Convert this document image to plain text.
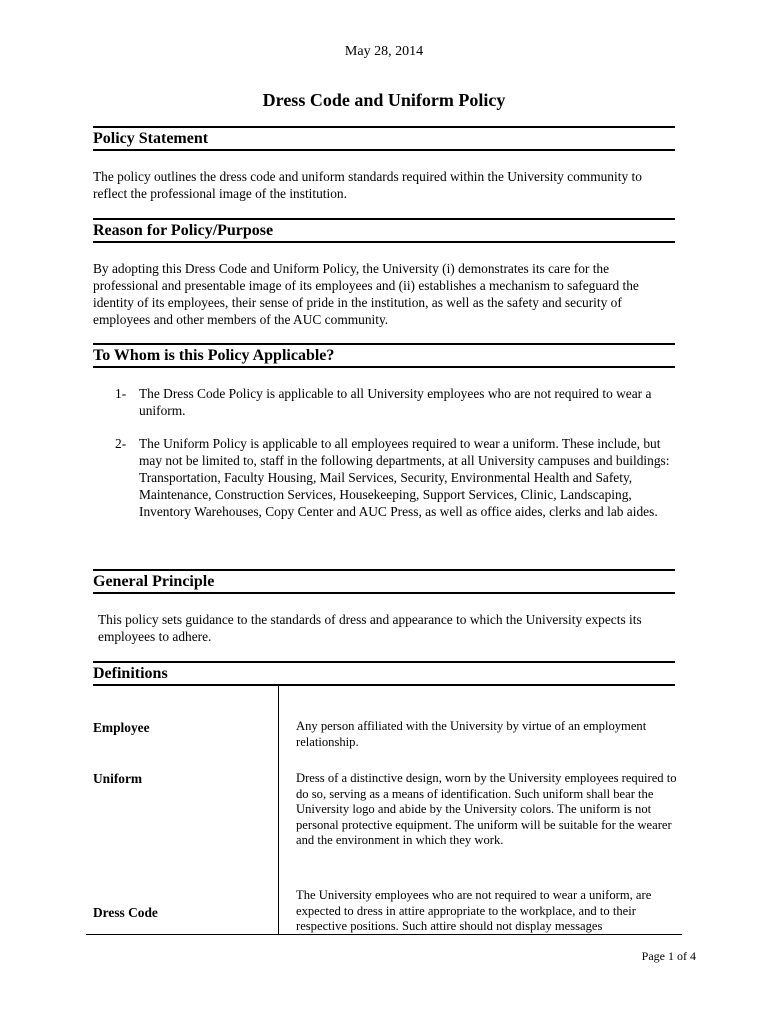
May 28, 2014
Dress Code and Uniform Policy
Policy Statement
The policy outlines the dress code and uniform standards required within the University community to reflect the professional image of the institution.
Reason for Policy/Purpose
By adopting this Dress Code and Uniform Policy, the University (i) demonstrates its care for the professional and presentable image of its employees and (ii) establishes a mechanism to safeguard the identity of its employees, their sense of pride in the institution, as well as the safety and security of employees and other members of the AUC community.
To Whom is this Policy Applicable?
1- The Dress Code Policy is applicable to all University employees who are not required to wear a uniform.
2- The Uniform Policy is applicable to all employees required to wear a uniform. These include, but may not be limited to, staff in the following departments, at all University campuses and buildings:
Transportation, Faculty Housing, Mail Services, Security, Environmental Health and Safety, Maintenance, Construction Services, Housekeeping, Support Services, Clinic, Landscaping, Inventory Warehouses, Copy Center and AUC Press, as well as office aides, clerks and lab aides.
General Principle
This policy sets guidance to the standards of dress and appearance to which the University expects its employees to adhere.
Definitions
Employee	Any person affiliated with the University by virtue of an employment relationship.
Uniform	Dress of a distinctive design, worn by the University employees required to do so, serving as a means of identification. Such uniform shall bear the University logo and abide by the University colors. The uniform is not personal protective equipment. The uniform will be suitable for the wearer and the environment in which they work.
Dress Code
The University employees who are not required to wear a uniform, are expected to dress in attire appropriate to the workplace, and to their respective positions. Such attire should not display messages
Page 1 of 4
